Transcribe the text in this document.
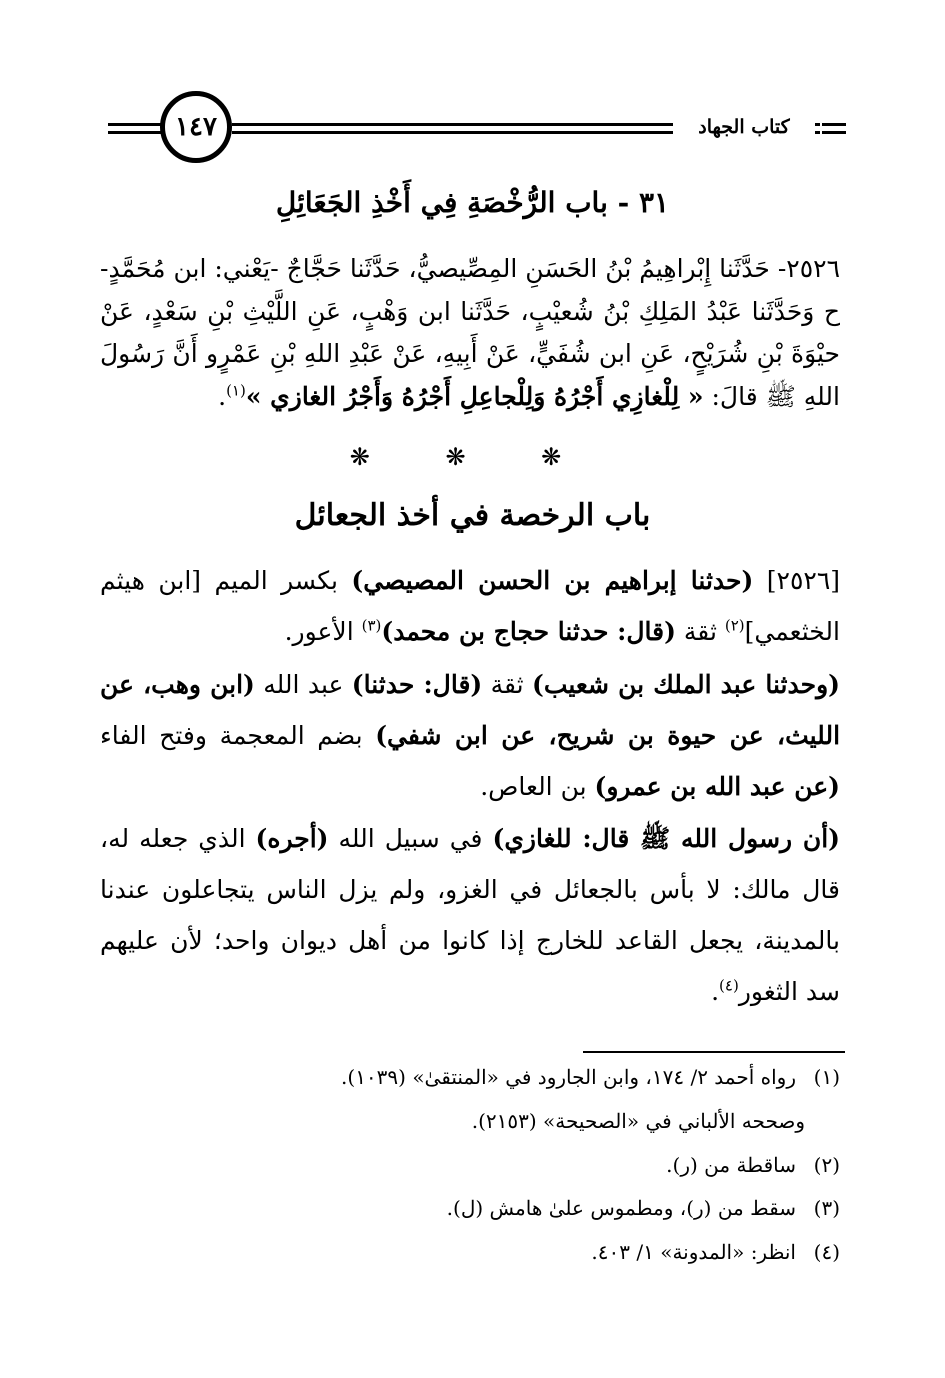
كتاب الجهاد
١٤٧
٣١ - باب الرُّخْصَةِ فِي أَخْذِ الجَعَائِلِ
٢٥٢٦- حَدَّثَنا إِبْراهِيمُ بْنُ الحَسَنِ المِصِّيصيُّ، حَدَّثَنا حَجَّاجٌ -يَعْني: ابن مُحَمَّدٍ- ح وَحَدَّثَنا عَبْدُ المَلِكِ بْنُ شُعيْبٍ، حَدَّثَنا ابن وَهْبٍ، عَنِ اللَّيْثِ بْنِ سَعْدٍ، عَنْ حيْوَةَ بْنِ شُرَيْحٍ، عَنِ ابن شُفَيٍّ، عَنْ أَبِيهِ، عَنْ عَبْدِ اللهِ بْنِ عَمْرٍو أَنَّ رَسُولَ اللهِ ﷺ قالَ: « لِلْغازِي أَجْرُهُ وَلِلْجاعِلِ أَجْرُهُ وَأَجْرُ الغازي »$^{(١)}$.
❋ ❋ ❋
باب الرخصة في أخذ الجعائل
[٢٥٢٦] (حدثنا إبراهيم بن الحسن المصيصي) بكسر الميم [ابن هيثم الخثعمي]$^{(٢)}$ ثقة (قال: حدثنا حجاج بن محمد)$^{(٣)}$ الأعور.
(وحدثنا عبد الملك بن شعيب) ثقة (قال: حدثنا) عبد الله (ابن وهب، عن الليث، عن حيوة بن شريح، عن ابن شفي) بضم المعجمة وفتح الفاء (عن عبد الله بن عمرو) بن العاص.
(أن رسول الله ﷺ قال: للغازي) في سبيل الله (أجره) الذي جعله له، قال مالك: لا بأس بالجعائل في الغزو، ولم يزل الناس يتجاعلون عندنا بالمدينة، يجعل القاعد للخارج إذا كانوا من أهل ديوان واحد؛ لأن عليهم سد الثغور$^{(٤)}$.
(١)رواه أحمد ٢/ ١٧٤، وابن الجارود في «المنتقىٰ» (١٠٣٩).
وصححه الألباني في «الصحيحة» (٢١٥٣).
(٢)ساقطة من (ر).
(٣)سقط من (ر)، ومطموس علىٰ هامش (ل).
(٤)انظر: «المدونة» ١/ ٤٠٣.
